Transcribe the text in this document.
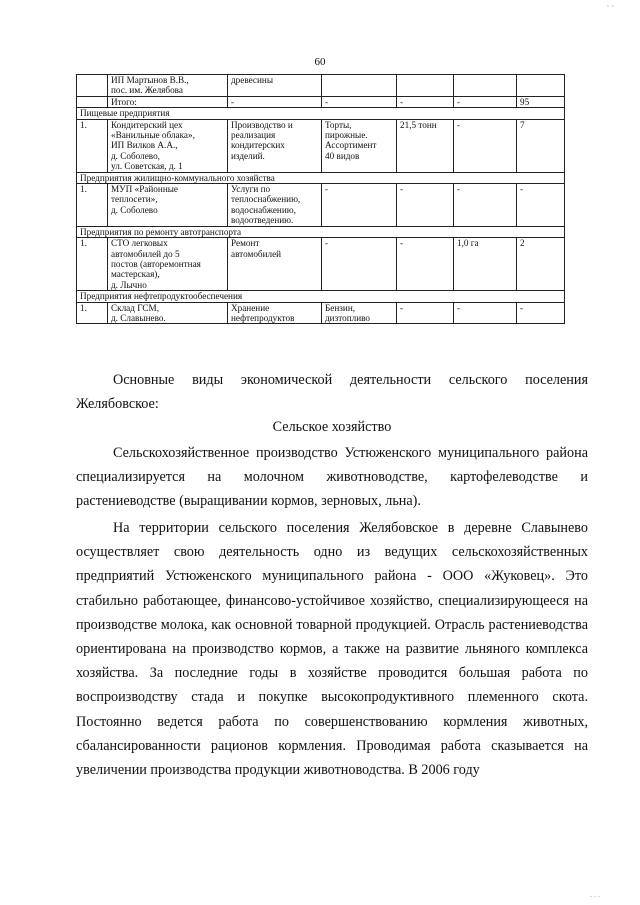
· ·
60
	ИП Мартынов В.В.,
пос. им. Желябова	древесины				
	Итого:	-	-	-	-	95
Пищевые предприятия						
1.	Кондитерский цех
«Ванильные облака»,
ИП Вилков А.А.,
д. Соболево,
ул. Советская, д. 1	Производство и
реализация
кондитерских
изделий.	Торты,
пирожные.
Ассортимент
40 видов	21,5 тонн	-	7
Предприятия жилищно-коммунального хозяйства						
1.	МУП «Районные
теплосети»,
д. Соболево	Услуги по
теплоснабжению,
водоснабжению,
водоотведению.	-	-	-	-
Предприятия по ремонту автотранспорта						
1.	СТО легковых
автомобилей до 5
постов (авторемонтная
мастерская),
д. Лычно	Ремонт
автомобилей	-	-	1,0 га	2
Предприятия нефтепродуктообеспечения						
1.	Склад ГСМ,
д. Славынево.	Хранение
нефтепродуктов	Бензин,
дизтопливо	-	-	-
Основные виды экономической деятельности сельского поселения Желябовское:
Сельское хозяйство
Сельскохозяйственное производство Устюженского муниципального района специализируется на молочном животноводстве, картофелеводстве и растениеводстве (выращивании кормов, зерновых, льна).
На территории сельского поселения Желябовское в деревне Славынево осуществляет свою деятельность одно из ведущих сельскохозяйственных предприятий Устюженского муниципального района - ООО «Жуковец». Это стабильно работающее, финансово-устойчивое хозяйство, специализирующееся на производстве молока, как основной товарной продукцией. Отрасль растениеводства ориентирована на производство кормов, а также на развитие льняного комплекса хозяйства. За последние годы в хозяйстве проводится большая работа по воспроизводству стада и покупке высокопродуктивного племенного скота. Постоянно ведется работа по совершенствованию кормления животных, сбалансированности рационов кормления. Проводимая работа сказывается на увеличении производства продукции животноводства. В 2006 году
. . .
